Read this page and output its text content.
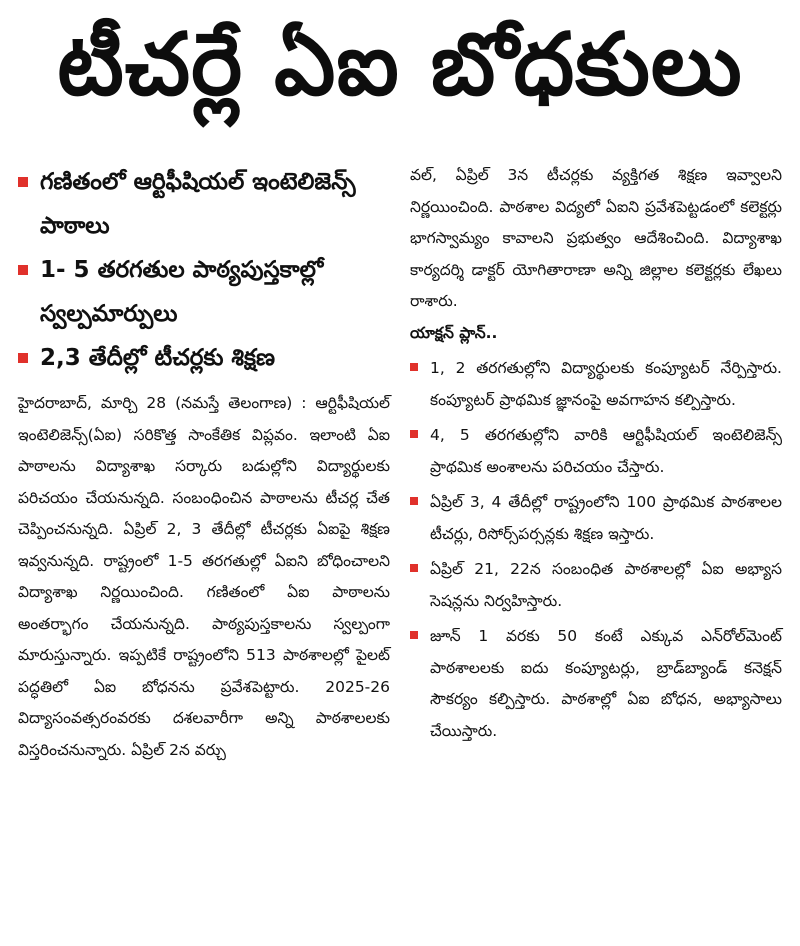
టీచర్లే ఏఐ బోధకులు
గణితంలో ఆర్టిఫీషియల్ ఇంటెలిజెన్స్ పాఠాలు
1- 5 తరగతుల పాఠ్యపుస్తకాల్లో స్వల్పమార్పులు
2,3 తేదీల్లో టీచర్లకు శిక్షణ

హైదరాబాద్, మార్చి 28 (నమస్తే తెలంగాణ) : ఆర్టిఫీషియల్ ఇంటెలిజెన్స్(ఏఐ) సరికొత్త సాంకేతిక విప్లవం. ఇలాంటి ఏఐ పాఠాలను విద్యాశాఖ సర్కారు బడుల్లోని విద్యార్థులకు పరిచయం చేయనున్నది. సంబంధించిన పాఠాలను టీచర్ల చేత చెప్పించనున్నది. ఏప్రిల్ 2, 3 తేదీల్లో టీచర్లకు ఏఐపై శిక్షణ ఇవ్వనున్నది. రాష్ట్రంలో 1-5 తరగతుల్లో ఏఐని బోధించాలని విద్యాశాఖ నిర్ణయించింది. గణితంలో ఏఐ పాఠాలను అంతర్భాగం చేయనున్నది. పాఠ్యపుస్తకాలను స్వల్పంగా మారుస్తున్నారు. ఇప్పటికే రాష్ట్రంలోని 513 పాఠశాలల్లో పైలట్ పద్ధతిలో ఏఐ బోధనను ప్రవేశపెట్టారు. 2025-26 విద్యాసంవత్సరంవరకు దశలవారీగా అన్ని పాఠశాలలకు విస్తరించనున్నారు. ఏప్రిల్ 2న వర్చు

వల్, ఏప్రిల్ 3న టీచర్లకు వ్యక్తిగత శిక్షణ ఇవ్వాలని నిర్ణయించింది. పాఠశాల విద్యలో ఏఐని ప్రవేశపెట్టడంలో కలెక్టర్లు భాగస్వామ్యం కావాలని ప్రభుత్వం ఆదేశించింది. విద్యాశాఖ కార్యదర్శి డాక్టర్ యోగితారాణా అన్ని జిల్లాల కలెక్టర్లకు లేఖలు రాశారు.

యాక్షన్ ప్లాన్..

1, 2 తరగతుల్లోని విద్యార్థులకు కంప్యూటర్ నేర్పిస్తారు. కంప్యూటర్ ప్రాథమిక జ్ఞానంపై అవగాహన కల్పిస్తారు.
4, 5 తరగతుల్లోని వారికి ఆర్టిఫీషియల్ ఇంటెలిజెన్స్ ప్రాథమిక అంశాలను పరిచయం చేస్తారు.
ఏప్రిల్ 3, 4 తేదీల్లో రాష్ట్రంలోని 100 ప్రాథమిక పాఠశాలల టీచర్లు, రిసోర్స్‌పర్సన్లకు శిక్షణ ఇస్తారు.
ఏప్రిల్ 21, 22న సంబంధిత పాఠశాలల్లో ఏఐ అభ్యాస సెషన్లను నిర్వహిస్తారు.
జూన్ 1 వరకు 50 కంటే ఎక్కువ ఎన్‌రోల్‌మెంట్ పాఠశాలలకు ఐదు కంప్యూటర్లు, బ్రాడ్‌బ్యాండ్ కనెక్షన్ సౌకర్యం కల్పిస్తారు. పాఠశాల్లో ఏఐ బోధన, అభ్యాసాలు చేయిస్తారు.
